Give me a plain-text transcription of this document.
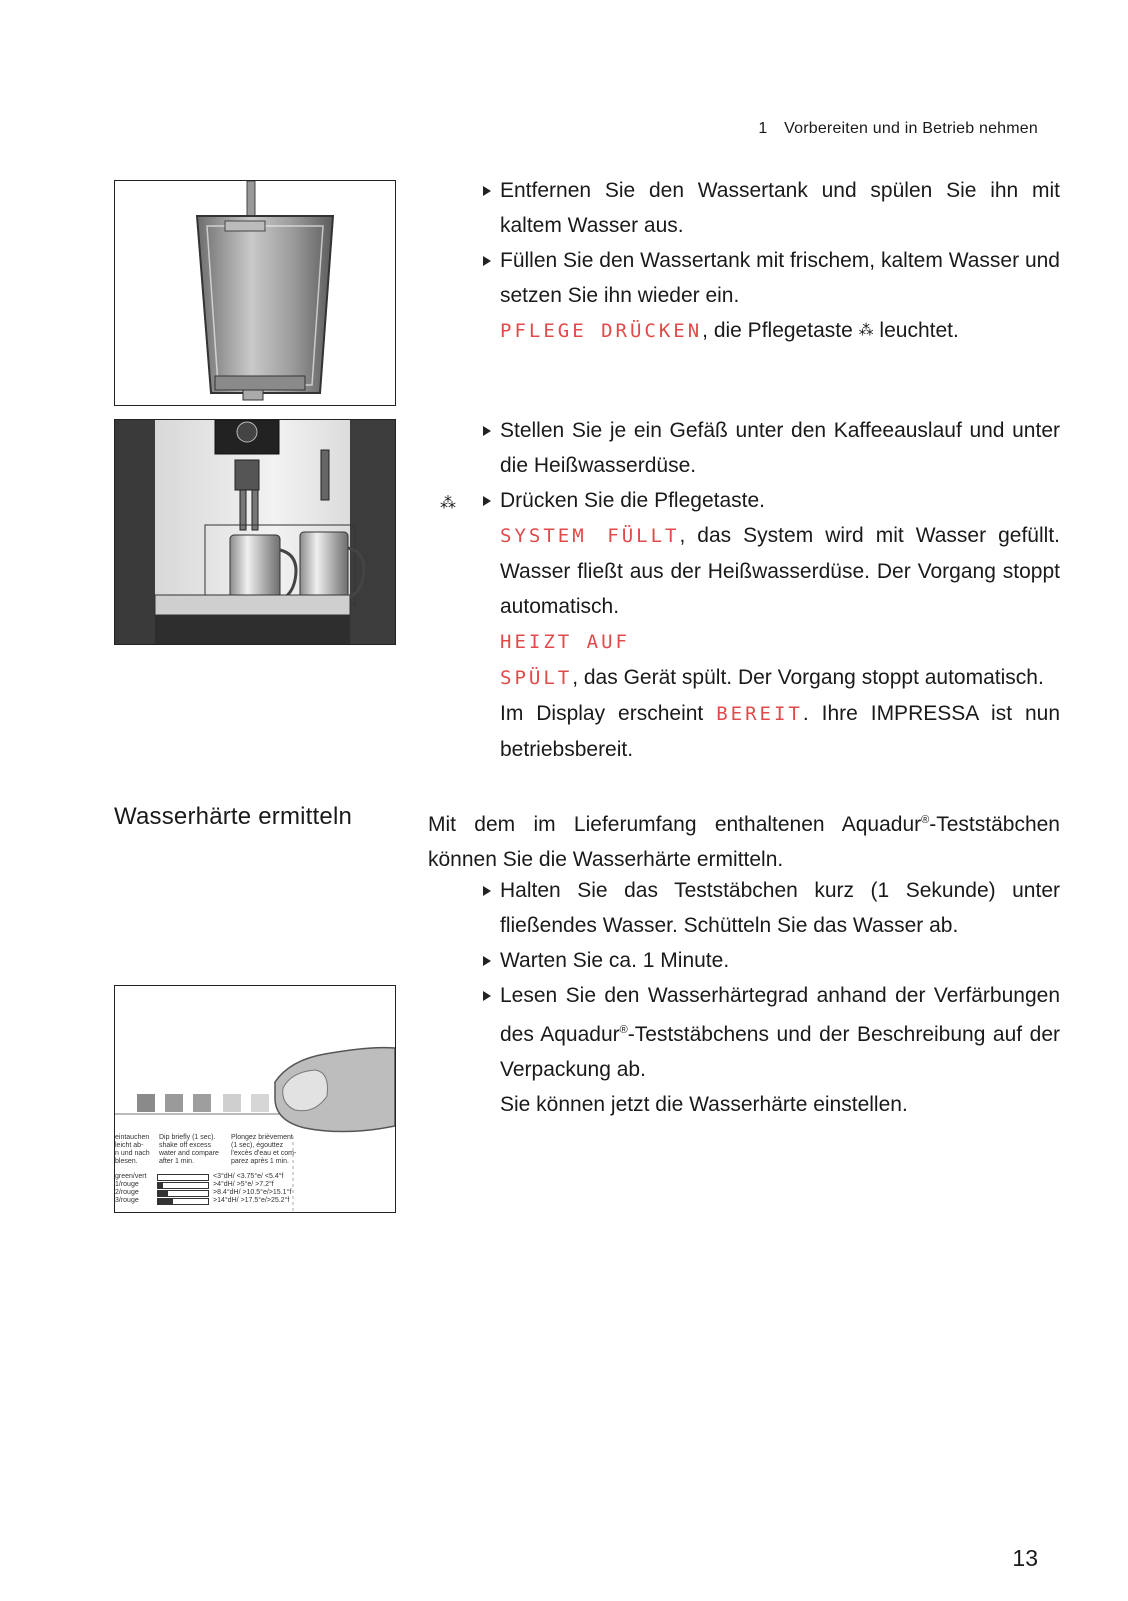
1 Vorbereiten und in Betrieb nehmen
eintauchen
leicht ab-
n und nach
blesen.
Dip briefly (1 sec).
shake off excess
water and compare
after 1 min.
Plongez brièvement
(1 sec), égouttez
l'excès d'eau et com-
parez après 1 min.
green/vert	<3°dH/ <3.75°e/ <5.4°f
1/rouge	>4°dH/ >5°e/ >7.2°f
2/rouge	>8.4°dH/ >10.5°e/>15.1°f
3/rouge	>14°dH/ >17.5°e/>25.2°f
Entfernen Sie den Wassertank und spülen Sie ihn mit kaltem Wasser aus.
Füllen Sie den Wassertank mit frischem, kaltem Wasser und setzen Sie ihn wieder ein.
PFLEGE DRÜCKEN, die Pflegetaste ⁂ leuchtet.
⁂
Stellen Sie je ein Gefäß unter den Kaffeeauslauf und unter die Heißwasserdüse.
Drücken Sie die Pflegetaste.
SYSTEM FÜLLT, das System wird mit Wasser gefüllt. Wasser fließt aus der Heißwasserdüse. Der Vorgang stoppt automatisch.
HEIZT AUF
SPÜLT, das Gerät spült. Der Vorgang stoppt automatisch.
Im Display erscheint BEREIT. Ihre IMPRESSA ist nun betriebsbereit.
Wasserhärte ermitteln	Mit dem im Lieferumfang enthaltenen Aquadur®-Teststäbchen können Sie die Wasserhärte ermitteln.
Halten Sie das Teststäbchen kurz (1 Sekunde) unter fließendes Wasser. Schütteln Sie das Wasser ab.
Warten Sie ca. 1 Minute.
Lesen Sie den Wasserhärtegrad anhand der Verfärbungen des Aquadur®-Teststäbchens und der Beschreibung auf der Verpackung ab.
Sie können jetzt die Wasserhärte einstellen.
13
